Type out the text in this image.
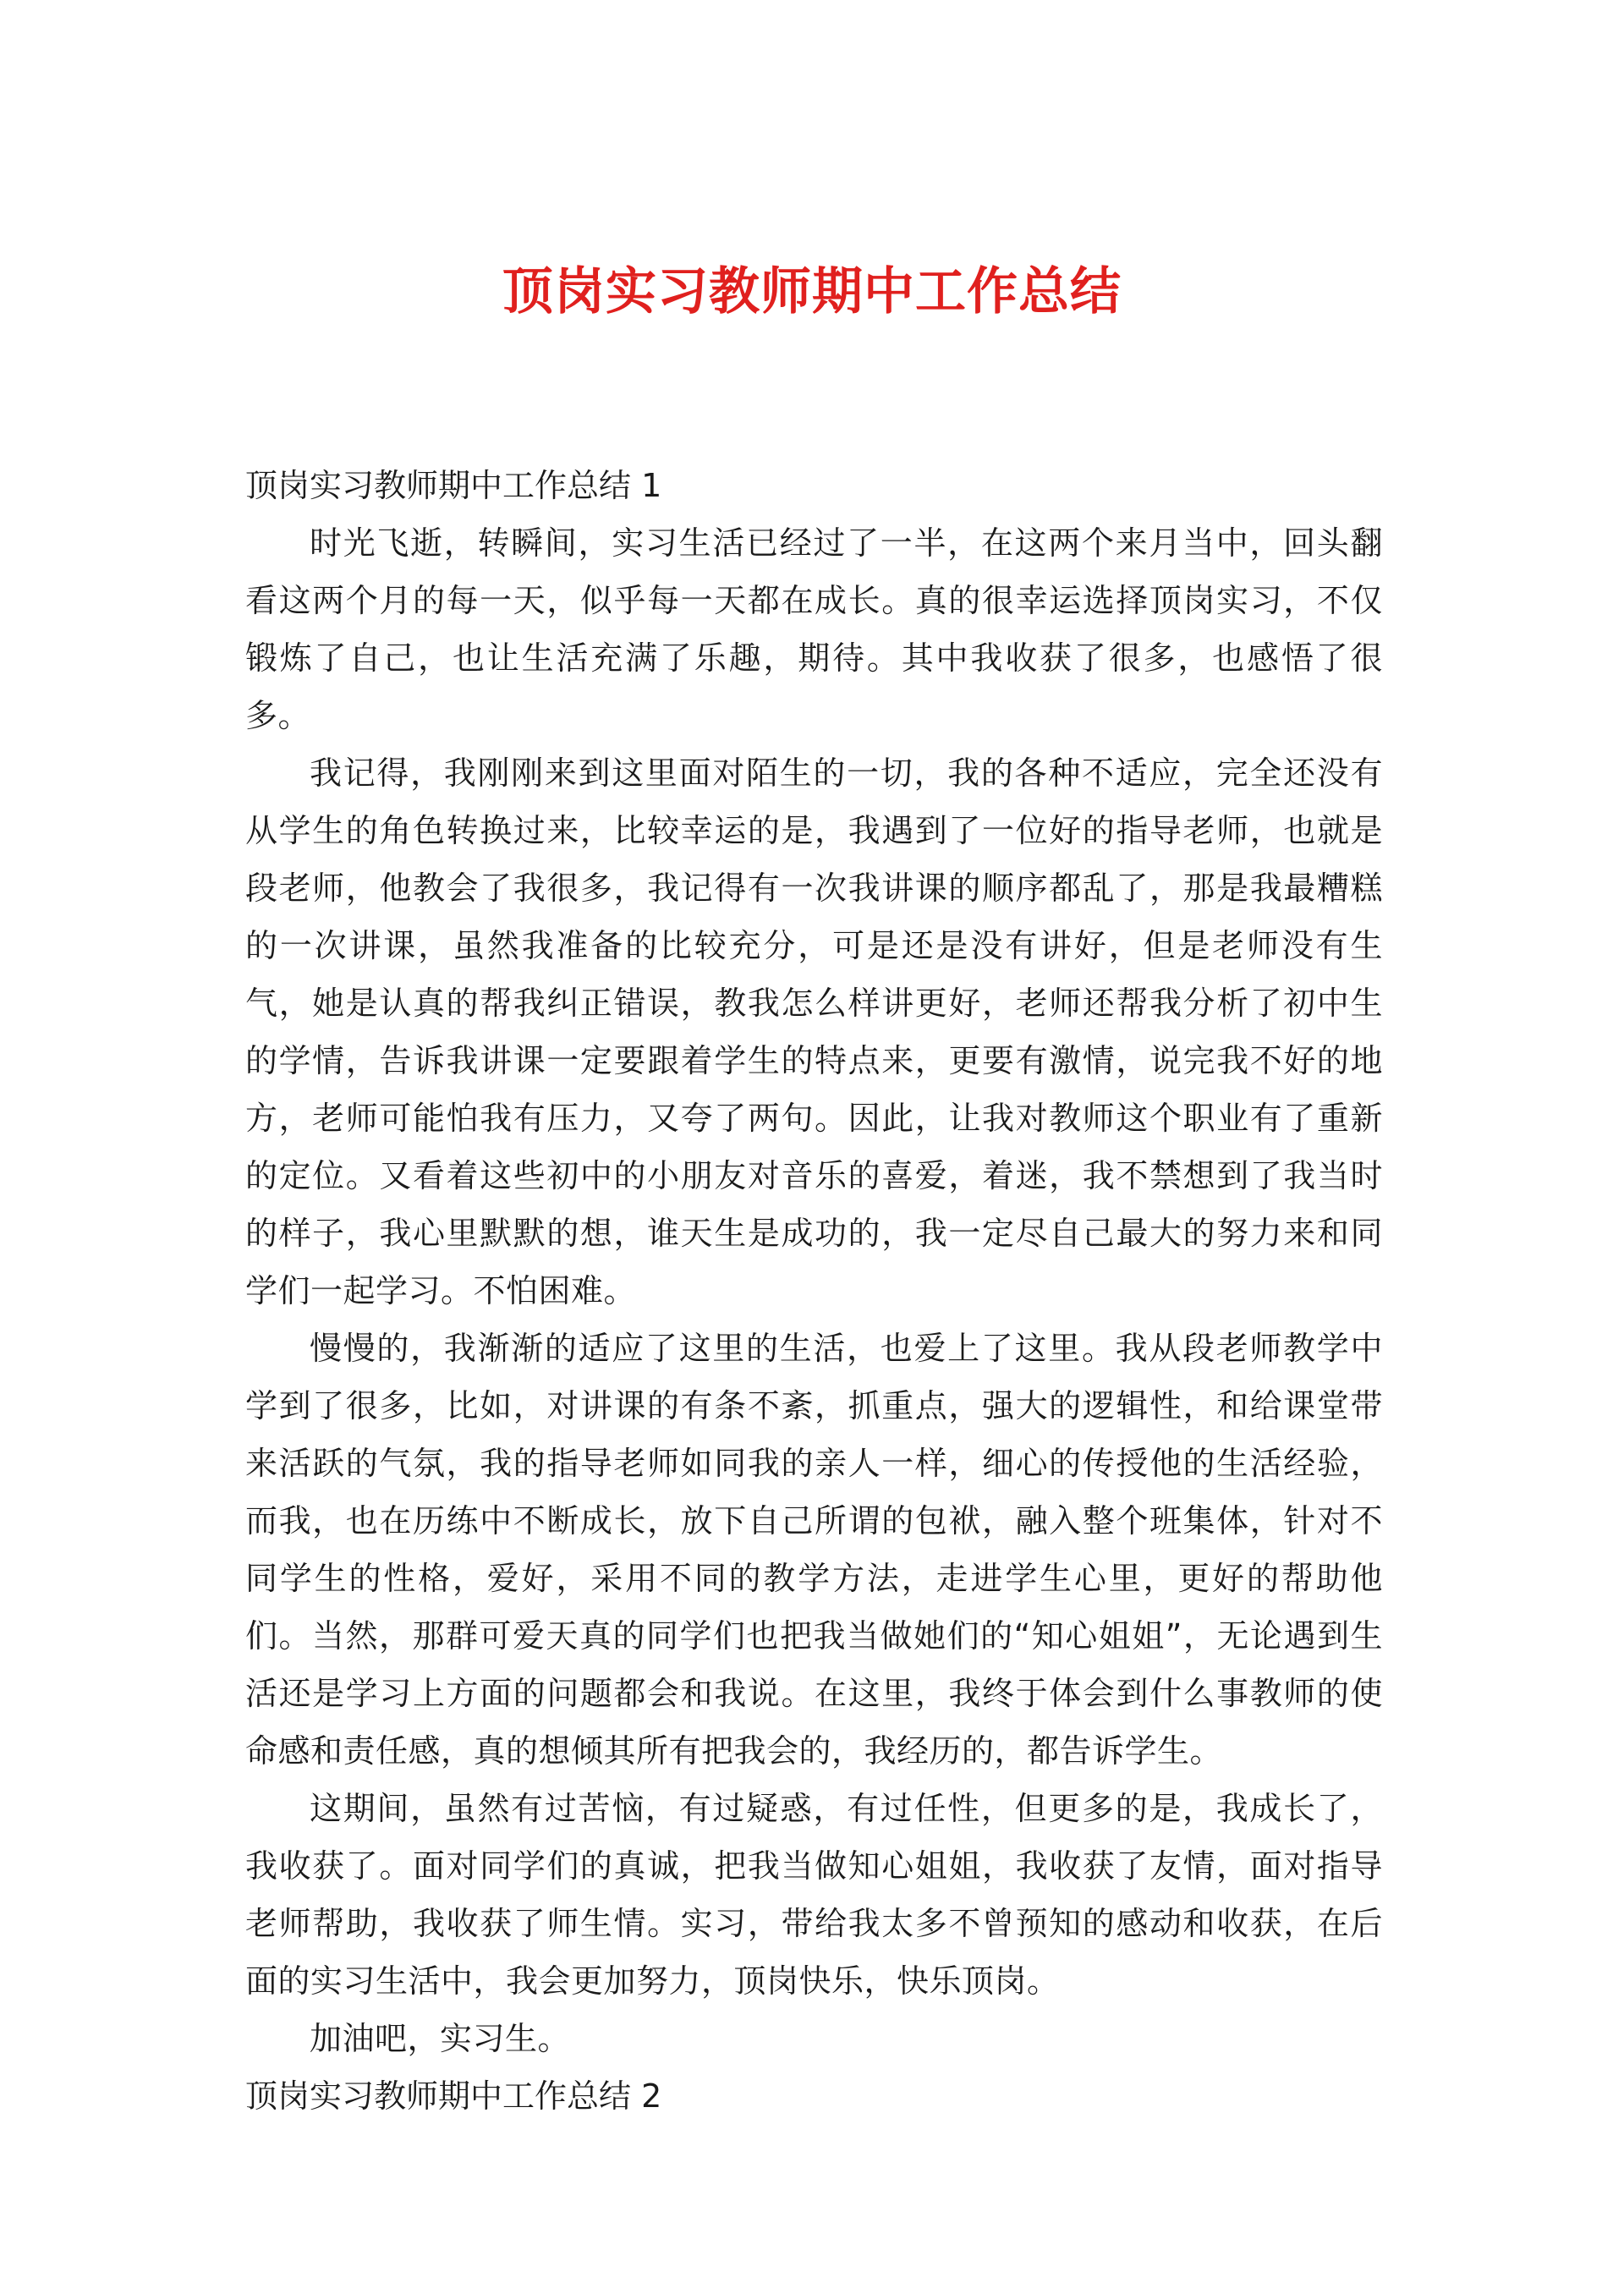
顶岗实习教师期中工作总结

顶岗实习教师期中工作总结 1

时光飞逝，转瞬间，实习生活已经过了一半，在这两个来月当中，回头翻看这两个月的每一天，似乎每一天都在成长。真的很幸运选择顶岗实习，不仅锻炼了自己，也让生活充满了乐趣，期待。其中我收获了很多，也感悟了很多。

我记得，我刚刚来到这里面对陌生的一切，我的各种不适应，完全还没有从学生的角色转换过来，比较幸运的是，我遇到了一位好的指导老师，也就是段老师，他教会了我很多，我记得有一次我讲课的顺序都乱了，那是我最糟糕的一次讲课，虽然我准备的比较充分，可是还是没有讲好，但是老师没有生气，她是认真的帮我纠正错误，教我怎么样讲更好，老师还帮我分析了初中生的学情，告诉我讲课一定要跟着学生的特点来，更要有激情，说完我不好的地方，老师可能怕我有压力，又夸了两句。因此，让我对教师这个职业有了重新的定位。又看着这些初中的小朋友对音乐的喜爱，着迷，我不禁想到了我当时的样子，我心里默默的想，谁天生是成功的，我一定尽自己最大的努力来和同学们一起学习。不怕困难。

慢慢的，我渐渐的适应了这里的生活，也爱上了这里。我从段老师教学中学到了很多，比如，对讲课的有条不紊，抓重点，强大的逻辑性，和给课堂带来活跃的气氛，我的指导老师如同我的亲人一样，细心的传授他的生活经验，而我，也在历练中不断成长，放下自己所谓的包袱，融入整个班集体，针对不同学生的性格，爱好，采用不同的教学方法，走进学生心里，更好的帮助他们。当然，那群可爱天真的同学们也把我当做她们的“知心姐姐”，无论遇到生活还是学习上方面的问题都会和我说。在这里，我终于体会到什么事教师的使命感和责任感，真的想倾其所有把我会的，我经历的，都告诉学生。

这期间，虽然有过苦恼，有过疑惑，有过任性，但更多的是，我成长了，我收获了。面对同学们的真诚，把我当做知心姐姐，我收获了友情，面对指导老师帮助，我收获了师生情。实习，带给我太多不曾预知的感动和收获，在后面的实习生活中，我会更加努力，顶岗快乐，快乐顶岗。

加油吧，实习生。

顶岗实习教师期中工作总结 2
